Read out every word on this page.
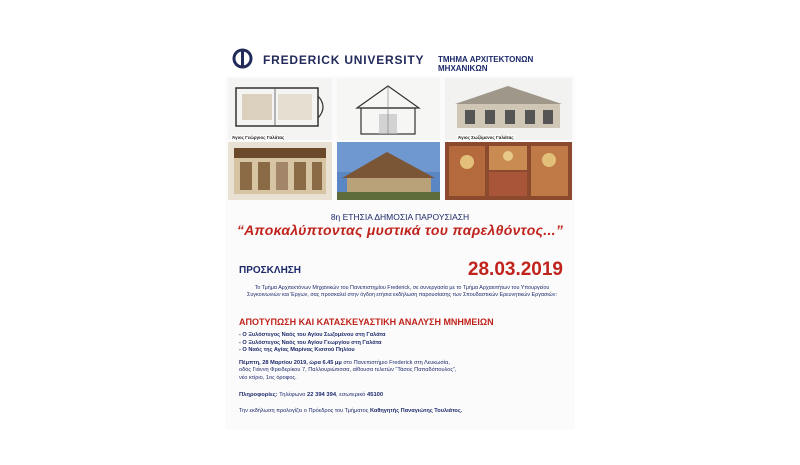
FREDERICK UNIVERSITY ΤΜΗΜΑ ΑΡΧΙΤΕΚΤΟΝΩΝ ΜΗΧΑΝΙΚΩΝ
Άγιος Γεώργιος Γαλάτας	Άγιος Σωζόμενος Γαλάτας
8η ΕΤΗΣΙΑ ΔΗΜΟΣΙΑ ΠΑΡΟΥΣΙΑΣΗ
“Αποκαλύπτοντας μυστικά του παρελθόντος...”
ΠΡΟΣΚΛΗΣΗ	28.03.2019
Το Τμήμα Αρχιτεκτόνων Μηχανικών του Πανεπιστημίου Frederick, σε συνεργασία με το Τμήμα Αρχαιοτήτων του Υπουργείου Συγκοινωνιών και Έργων, σας προσκαλεί στην όγδοη ετήσια εκδήλωση παρουσίασης των Σπουδαστικών Ερευνητικών Εργασιών:
ΑΠΟΤΥΠΩΣΗ ΚΑΙ ΚΑΤΑΣΚΕΥΑΣΤΙΚΗ ΑΝΑΛΥΣΗ ΜΝΗΜΕΙΩΝ
- Ο Ξυλόστεγος Ναός του Αγίου Σωζομένου στη Γαλάτα
- Ο Ξυλόστεγος Ναός του Αγίου Γεωργίου στη Γαλάτα
- Ο Ναός της Αγίας Μαρίνας Κισσού Πηλίου
Πέμπτη, 28 Μαρτίου 2019, ώρα 6.45 μμ στο Πανεπιστήμιο Frederick στη Λευκωσία,
οδός Γιάννη Φρειδερίκου 7, Παλλουριώτισσα, αίθουσα τελετών “Τάσος Παπαδόπουλος”,
νέο κτίριο, 1ος όροφος.
Πληροφορίες: Τηλέφωνο 22 394 394, εσωτερικό 45100
Την εκδήλωση προλογίζει ο Πρόεδρος του Τμήματος Καθηγητής Παναγιώτης Τουλιάτος.
